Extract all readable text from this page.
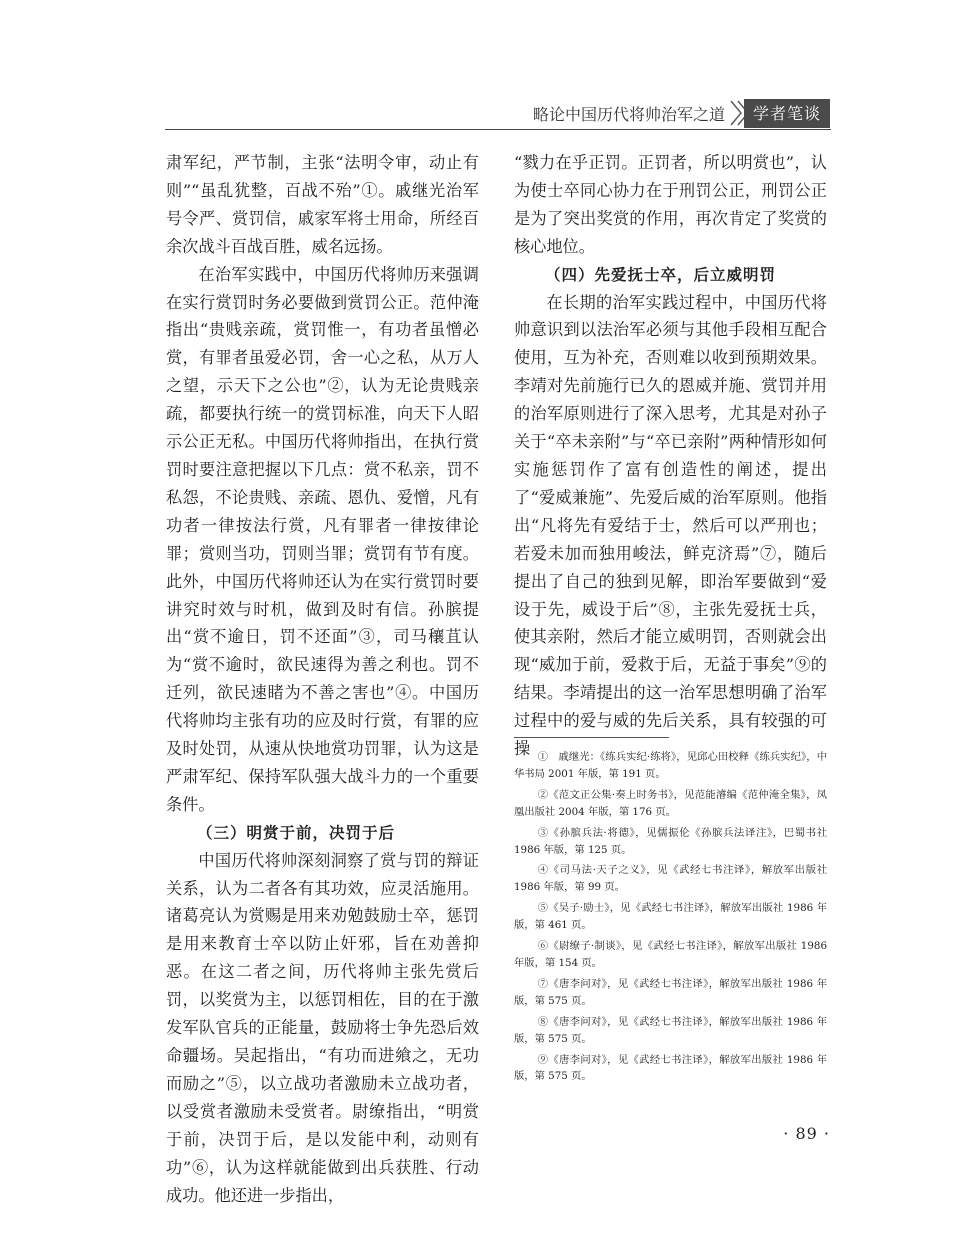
略论中国历代将帅治军之道	学者笔谈

肃军纪，严节制，主张“法明令审，动止有则”“虽乱犹整，百战不殆”①。戚继光治军号令严、赏罚信，戚家军将士用命，所经百余次战斗百战百胜，威名远扬。

在治军实践中，中国历代将帅历来强调在实行赏罚时务必要做到赏罚公正。范仲淹指出“贵贱亲疏，赏罚惟一，有功者虽憎必赏，有罪者虽爱必罚，舍一心之私，从万人之望，示天下之公也”②，认为无论贵贱亲疏，都要执行统一的赏罚标准，向天下人昭示公正无私。中国历代将帅指出，在执行赏罚时要注意把握以下几点：赏不私亲，罚不私怨，不论贵贱、亲疏、恩仇、爱憎，凡有功者一律按法行赏，凡有罪者一律按律论罪；赏则当功，罚则当罪；赏罚有节有度。此外，中国历代将帅还认为在实行赏罚时要讲究时效与时机，做到及时有信。孙膑提出“赏不逾日，罚不还面”③，司马穰苴认为“赏不逾时，欲民速得为善之利也。罚不迁列，欲民速睹为不善之害也”④。中国历代将帅均主张有功的应及时行赏，有罪的应及时处罚，从速从快地赏功罚罪，认为这是严肃军纪、保持军队强大战斗力的一个重要条件。

（三）明赏于前，决罚于后

中国历代将帅深刻洞察了赏与罚的辩证关系，认为二者各有其功效，应灵活施用。诸葛亮认为赏赐是用来劝勉鼓励士卒，惩罚是用来教育士卒以防止奸邪，旨在劝善抑恶。在这二者之间，历代将帅主张先赏后罚，以奖赏为主，以惩罚相佐，目的在于激发军队官兵的正能量，鼓励将士争先恐后效命疆场。吴起指出，“有功而进飨之，无功而励之”⑤，以立战功者激励未立战功者，以受赏者激励未受赏者。尉缭指出，“明赏于前，决罚于后，是以发能中利，动则有功”⑥，认为这样就能做到出兵获胜、行动成功。他还进一步指出，

“戮力在乎正罚。正罚者，所以明赏也”，认为使士卒同心协力在于刑罚公正，刑罚公正是为了突出奖赏的作用，再次肯定了奖赏的核心地位。

（四）先爱抚士卒，后立威明罚

在长期的治军实践过程中，中国历代将帅意识到以法治军必须与其他手段相互配合使用，互为补充，否则难以收到预期效果。李靖对先前施行已久的恩威并施、赏罚并用的治军原则进行了深入思考，尤其是对孙子关于“卒未亲附”与“卒已亲附”两种情形如何实施惩罚作了富有创造性的阐述，提出了“爱威兼施”、先爱后威的治军原则。他指出“凡将先有爱结于士，然后可以严刑也；若爱未加而独用峻法，鲜克济焉”⑦，随后提出了自己的独到见解，即治军要做到“爱设于先，威设于后”⑧，主张先爱抚士兵，使其亲附，然后才能立威明罚，否则就会出现“威加于前，爱救于后，无益于事矣”⑨的结果。李靖提出的这一治军思想明确了治军过程中的爱与威的先后关系，具有较强的可操 ①　戚继光：《练兵实纪·练将》，见邱心田校释《练兵实纪》，中华书局 2001 年版，第 191 页。
②《范文正公集·奏上时务书》，见范能濬编《范仲淹全集》，凤凰出版社 2004 年版，第 176 页。
③《孙膑兵法·将德》，见儒振伦《孙膑兵法译注》，巴蜀书社 1986 年版，第 125 页。
④《司马法·天子之义》，见《武经七书注译》，解放军出版社 1986 年版，第 99 页。
⑤《吴子·励士》，见《武经七书注译》，解放军出版社 1986 年版，第 461 页。
⑥《尉缭子·制谈》，见《武经七书注译》，解放军出版社 1986 年版，第 154 页。
⑦《唐李问对》，见《武经七书注译》，解放军出版社 1986 年版，第 575 页。
⑧《唐李问对》，见《武经七书注译》，解放军出版社 1986 年版，第 575 页。
⑨《唐李问对》，见《武经七书注译》，解放军出版社 1986 年版，第 575 页。
· 89 ·
